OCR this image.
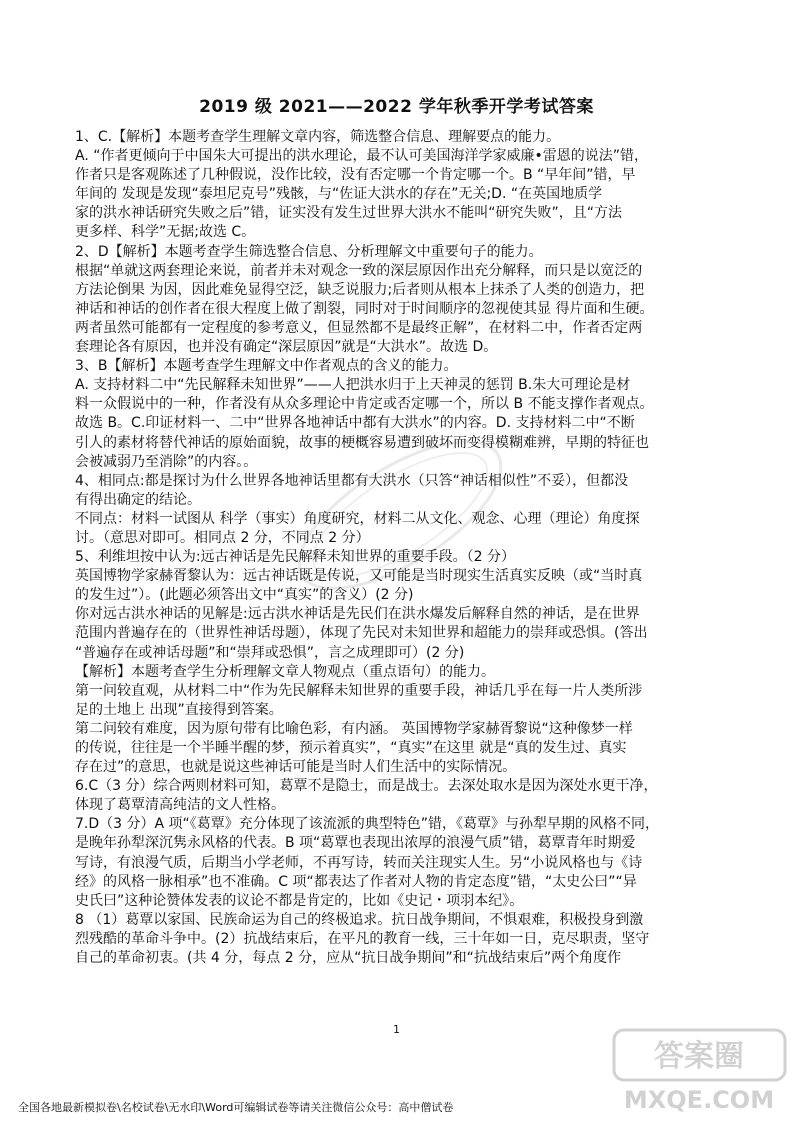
2019 级 2021——2022 学年秋季开学考试答案
1、C.【解析】本题考查学生理解文章内容，筛选整合信息、理解要点的能力。
A. “作者更倾向于中国朱大可提出的洪水理论，最不认可美国海洋学家威廉•雷恩的说法”错，
作者只是客观陈述了几种假说，没作比较，没有否定哪一个肯定哪一个。B “早年间”错，早
年间的 发现是发现“泰坦尼克号”残骸，与“佐证大洪水的存在”无关;D. “在英国地质学
家的洪水神话研究失败之后”错，证实没有发生过世界大洪水不能叫“研究失败”，且“方法
更多样、科学”无据;故选 C。
2、D【解析】本题考查学生筛选整合信息、分析理解文中重要句子的能力。
根据“单就这两套理论来说，前者并未对观念一致的深层原因作出充分解释，而只是以宽泛的
方法论倒果 为因，因此难免显得空泛，缺乏说服力;后者则从根本上抹杀了人类的创造力，把
神话和神话的创作者在很大程度上做了割裂，同时对于时间顺序的忽视使其显 得片面和生硬。
两者虽然可能都有一定程度的参考意义，但显然都不是最终正解”，在材料二中，作者否定两
套理论各有原因，也并没有确定“深层原因”就是“大洪水”。故选 D。
3、B【解析】本题考查学生理解文中作者观点的含义的能力。
A. 支持材料二中“先民解释未知世界”——人把洪水归于上天神灵的惩罚 B.朱大可理论是材
料一众假说中的一种，作者没有从众多理论中肯定或否定哪一个，所以 B 不能支撑作者观点。
故选 B。C.印证材料一、二中“世界各地神话中都有大洪水”的内容。D. 支持材料二中“不断
引人的素材将替代神话的原始面貌，故事的梗概容易遭到破坏而变得模糊难辨，早期的特征也
会被减弱乃至消除”的内容。。
4、相同点:都是探讨为什么世界各地神话里都有大洪水（只答“神话相似性”不妥），但都没
有得出确定的结论。
不同点：材料一试图从 科学（事实）角度研究，材料二从文化、观念、心理（理论）角度探
讨。（意思对即可。相同点 2 分，不同点 2 分）
5、利维坦按中认为:远古神话是先民解释未知世界的重要手段。（2 分）
英国博物学家赫胥黎认为：远古神话既是传说，又可能是当时现实生活真实反映（或“当时真
的发生过”）。(此题必须答出文中“真实”的含义）(2 分)
你对远古洪水神话的见解是:远古洪水神话是先民们在洪水爆发后解释自然的神话，是在世界
范围内普遍存在的（世界性神话母题），体现了先民对未知世界和超能力的崇拜或恐惧。(答出
“普遍存在或神话母题”和“崇拜或恐惧”，言之成理即可）(2 分)
【解析】本题考查学生分析理解文章人物观点（重点语句）的能力。
第一问较直观，从材料二中“作为先民解释未知世界的重要手段，神话几乎在每一片人类所涉
足的土地上 出现”直接得到答案。
第二问较有难度，因为原句带有比喻色彩，有内涵。 英国博物学家赫胥黎说“这种像梦一样
的传说，往往是一个半睡半醒的梦，预示着真实”，“真实”在这里 就是“真的发生过、真实
存在过”的意思，也就是说这些神话可能是当时人们生活中的实际情况。
6.C（3 分）综合两则材料可知，葛覃不是隐士，而是战士。去深处取水是因为深处水更干净，
体现了葛覃清高纯洁的文人性格。
7.D（3 分）A 项“《葛覃》充分体现了该流派的典型特色”错，《葛覃》与孙犁早期的风格不同，
是晚年孙犁深沉隽永风格的代表。B 项“葛覃也表现出浓厚的浪漫气质”错，葛覃青年时期爱
写诗，有浪漫气质，后期当小学老师，不再写诗，转而关注现实人生。另“小说风格也与《诗
经》的风格一脉相承”也不准确。C 项“都表达了作者对人物的肯定态度”错，“太史公曰”“异
史氏曰”这种论赞体发表的议论不都是肯定的，比如《史记・项羽本纪》。
8 （1）葛覃以家国、民族命运为自己的终极追求。抗日战争期间，不惧艰难，积极投身到激
烈残酷的革命斗争中。(2）抗战结束后，在平凡的教育一线，三十年如一日，克尽职责，坚守
自己的革命初衷。(共 4 分，每点 2 分，应从“抗日战争期间”和“抗战结束后”两个角度作
1
答案圈
MXQE.COM
全国各地最新模拟卷\名校试卷\无水印\Word可编辑试卷等请关注微信公众号：高中僧试卷
